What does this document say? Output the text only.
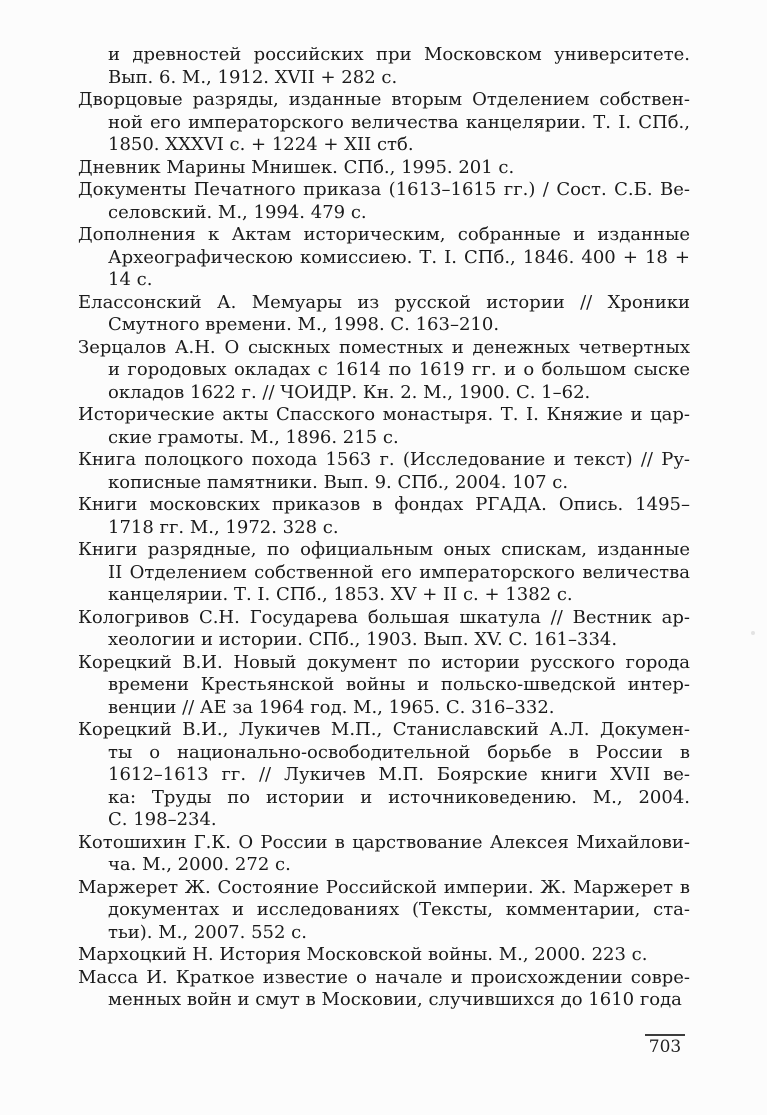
и древностей российских при Московском университете.
Вып. 6. М., 1912. XVII + 282 с.

Дворцовые разряды, изданные вторым Отделением собствен-
ной его императорского величества канцелярии. Т. I. СПб.,
1850. XXXVI с. + 1224 + XII стб.

Дневник Марины Мнишек. СПб., 1995. 201 с.

Документы Печатного приказа (1613–1615 гг.) / Сост. С.Б. Ве-
селовский. М., 1994. 479 с.

Дополнения к Актам историческим, собранные и изданные
Археографическою комиссиею. Т. I. СПб., 1846. 400 + 18 +
14 с.

Елассонский А. Мемуары из русской истории // Хроники
Смутного времени. М., 1998. С. 163–210.

Зерцалов А.Н. О сыскных поместных и денежных четвертных
и городовых окладах с 1614 по 1619 гг. и о большом сыске
окладов 1622 г. // ЧОИДР. Кн. 2. М., 1900. С. 1–62.

Исторические акты Спасского монастыря. Т. I. Княжие и цар-
ские грамоты. М., 1896. 215 с.

Книга полоцкого похода 1563 г. (Исследование и текст) // Ру-
кописные памятники. Вып. 9. СПб., 2004. 107 с.

Книги московских приказов в фондах РГАДА. Опись. 1495–
1718 гг. М., 1972. 328 с.

Книги разрядные, по официальным оных спискам, изданные
II Отделением собственной его императорского величества
канцелярии. Т. I. СПб., 1853. XV + II с. + 1382 с.

Кологривов С.Н. Государева большая шкатула // Вестник ар-
хеологии и истории. СПб., 1903. Вып. XV. С. 161–334.

Корецкий В.И. Новый документ по истории русского города
времени Крестьянской войны и польско-шведской интер-
венции // АЕ за 1964 год. М., 1965. С. 316–332.

Корецкий В.И., Лукичев М.П., Станиславский А.Л. Докумен-
ты о национально-освободительной борьбе в России в
1612–1613 гг. // Лукичев М.П. Боярские книги XVII ве-
ка: Труды по истории и источниковедению. М., 2004.
С. 198–234.

Котошихин Г.К. О России в царствование Алексея Михайлови-
ча. М., 2000. 272 с.

Маржерет Ж. Состояние Российской империи. Ж. Маржерет в
документах и исследованиях (Тексты, комментарии, ста-
тьи). М., 2007. 552 с.

Мархоцкий Н. История Московской войны. М., 2000. 223 с.

Масса И. Краткое известие о начале и происхождении совре-
менных войн и смут в Московии, случившихся до 1610 года

703
